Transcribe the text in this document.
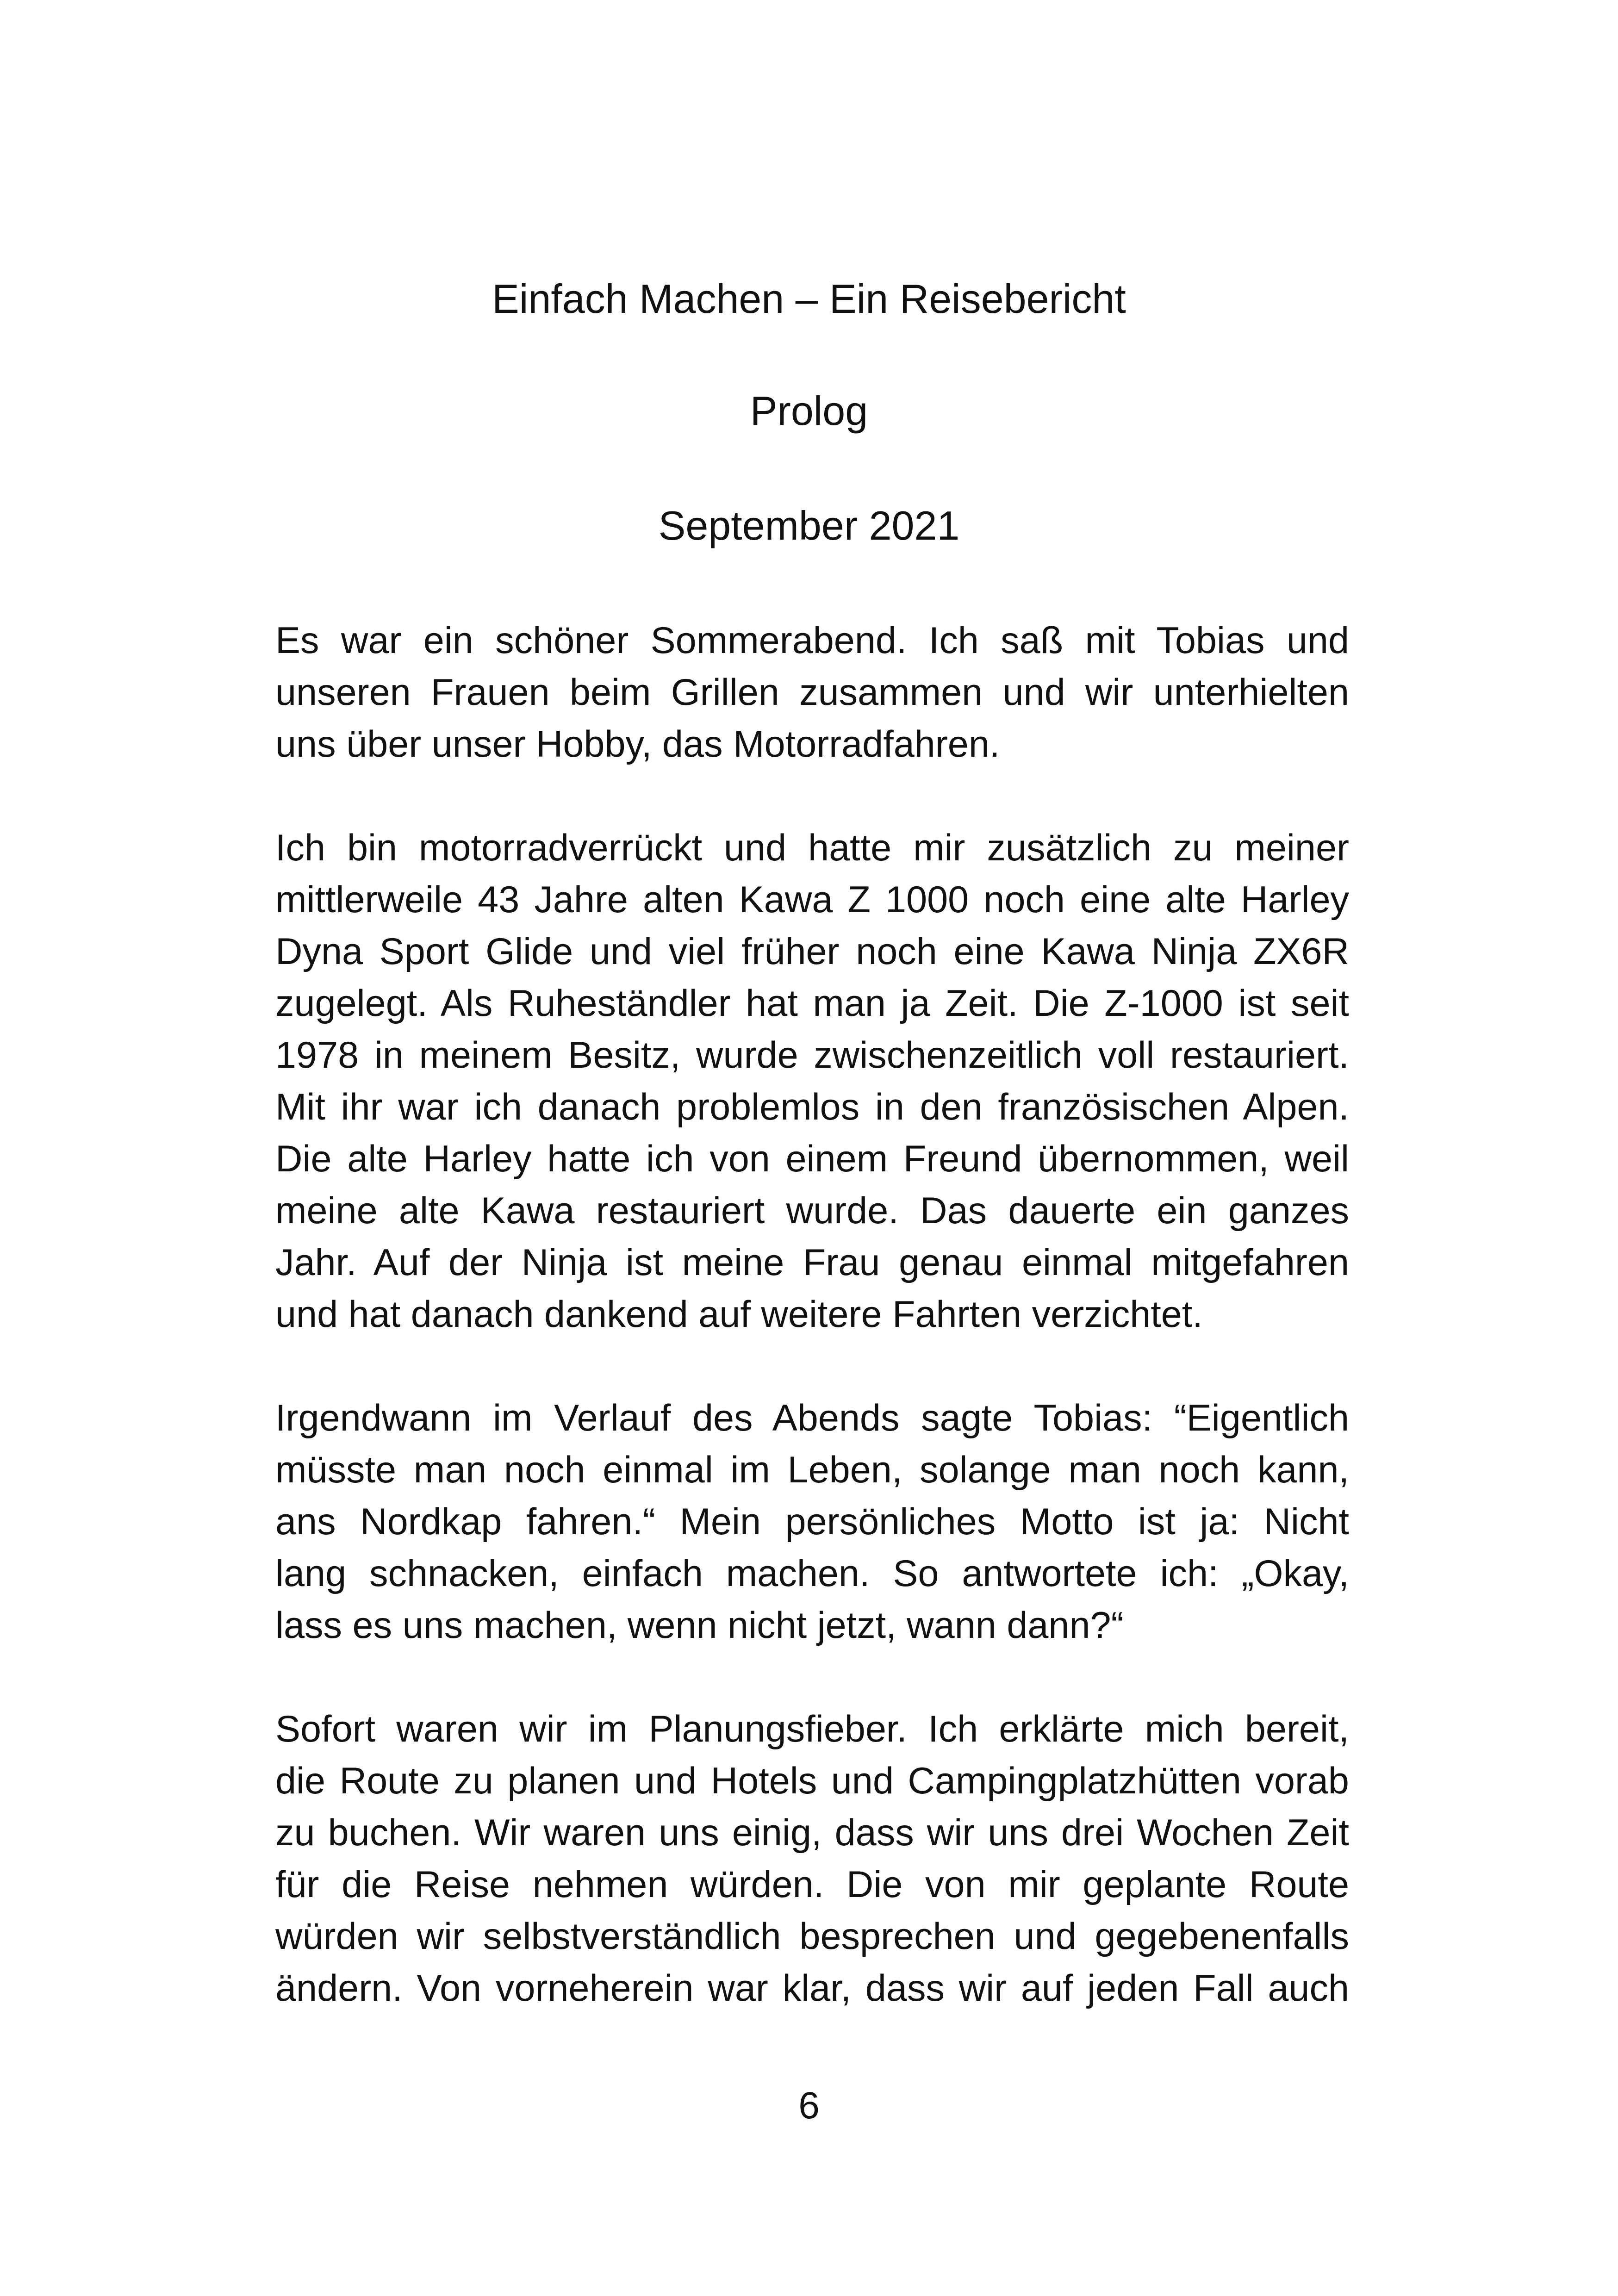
Einfach Machen – Ein Reisebericht
Prolog
September 2021

Es war ein schöner Sommerabend. Ich saß mit Tobias und
unseren Frauen beim Grillen zusammen und wir unterhielten
uns über unser Hobby, das Motorradfahren.

Ich bin motorradverrückt und hatte mir zusätzlich zu meiner
mittlerweile 43 Jahre alten Kawa Z 1000 noch eine alte Harley
Dyna Sport Glide und viel früher noch eine Kawa Ninja ZX6R
zugelegt. Als Ruheständler hat man ja Zeit. Die Z-1000 ist seit
1978 in meinem Besitz, wurde zwischenzeitlich voll restauriert.
Mit ihr war ich danach problemlos in den französischen Alpen.
Die alte Harley hatte ich von einem Freund übernommen, weil
meine alte Kawa restauriert wurde. Das dauerte ein ganzes
Jahr. Auf der Ninja ist meine Frau genau einmal mitgefahren
und hat danach dankend auf weitere Fahrten verzichtet.

Irgendwann im Verlauf des Abends sagte Tobias: “Eigentlich
müsste man noch einmal im Leben, solange man noch kann,
ans Nordkap fahren.“ Mein persönliches Motto ist ja: Nicht
lang schnacken, einfach machen. So antwortete ich: „Okay,
lass es uns machen, wenn nicht jetzt, wann dann?“

Sofort waren wir im Planungsfieber. Ich erklärte mich bereit,
die Route zu planen und Hotels und Campingplatzhütten vorab
zu buchen. Wir waren uns einig, dass wir uns drei Wochen Zeit
für die Reise nehmen würden. Die von mir geplante Route
würden wir selbstverständlich besprechen und gegebenenfalls
ändern. Von vorneherein war klar, dass wir auf jeden Fall auch

6
